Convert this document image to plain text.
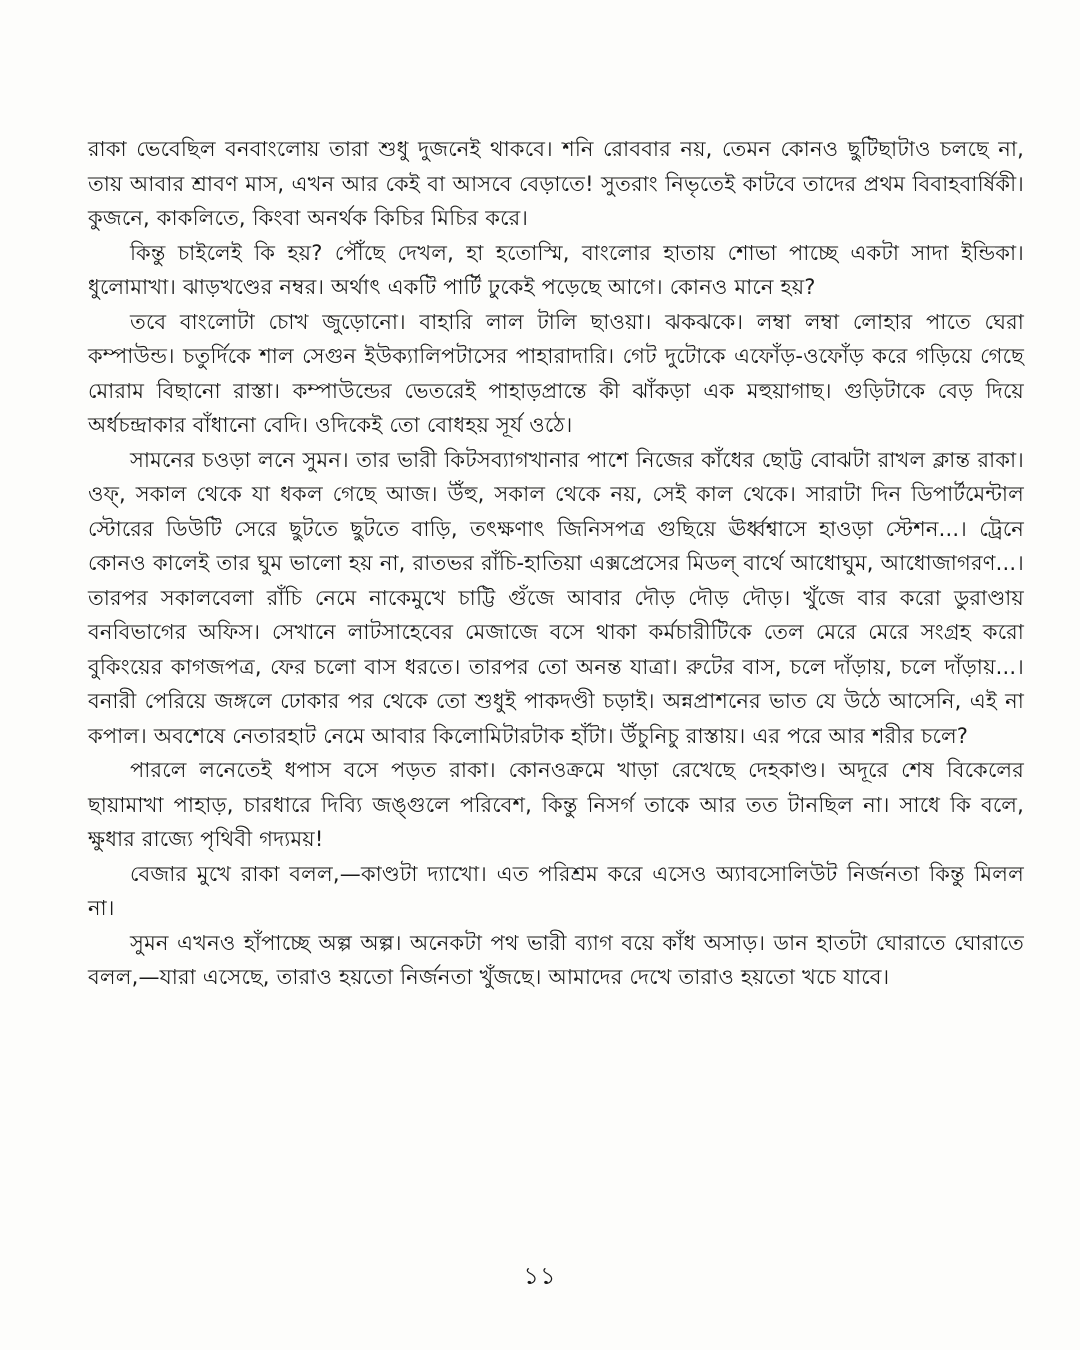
রাকা ভেবেছিল বনবাংলোয় তারা শুধু দুজনেই থাকবে। শনি রোববার নয়, তেমন কোনও ছুটিছাটাও চলছে না, তায় আবার শ্রাবণ মাস, এখন আর কেই বা আসবে বেড়াতে! সুতরাং নিভৃতেই কাটবে তাদের প্রথম বিবাহবার্ষিকী। কুজনে, কাকলিতে, কিংবা অনর্থক কিচির মিচির করে।

কিন্তু চাইলেই কি হয়? পৌঁছে দেখল, হা হতোস্মি, বাংলোর হাতায় শোভা পাচ্ছে একটা সাদা ইন্ডিকা। ধুলোমাখা। ঝাড়খণ্ডের নম্বর। অর্থাৎ একটি পার্টি ঢুকেই পড়েছে আগে। কোনও মানে হয়?

তবে বাংলোটা চোখ জুড়োনো। বাহারি লাল টালি ছাওয়া। ঝকঝকে। লম্বা লম্বা লোহার পাতে ঘেরা কম্পাউন্ড। চতুর্দিকে শাল সেগুন ইউক্যালিপটাসের পাহারাদারি। গেট দুটোকে এফোঁড়-ওফোঁড় করে গড়িয়ে গেছে মোরাম বিছানো রাস্তা। কম্পাউন্ডের ভেতরেই পাহাড়প্রান্তে কী ঝাঁকড়া এক মহুয়াগাছ। গুড়িটাকে বেড় দিয়ে অর্ধচন্দ্রাকার বাঁধানো বেদি। ওদিকেই তো বোধহয় সূর্য ওঠে।

সামনের চওড়া লনে সুমন। তার ভারী কিটসব্যাগখানার পাশে নিজের কাঁধের ছোট্ট বোঝটা রাখল ক্লান্ত রাকা। ওফ্, সকাল থেকে যা ধকল গেছে আজ। উঁহু, সকাল থেকে নয়, সেই কাল থেকে। সারাটা দিন ডিপার্টমেন্টাল স্টোরের ডিউটি সেরে ছুটতে ছুটতে বাড়ি, তৎক্ষণাৎ জিনিসপত্র গুছিয়ে ঊর্ধ্বশ্বাসে হাওড়া স্টেশন...। ট্রেনে কোনও কালেই তার ঘুম ভালো হয় না, রাতভর রাঁচি-হাতিয়া এক্সপ্রেসের মিডল্ বার্থে আধোঘুম, আধোজাগরণ...। তারপর সকালবেলা রাঁচি নেমে নাকেমুখে চাট্টি গুঁজে আবার দৌড় দৌড় দৌড়। খুঁজে বার করো ডুরাণ্ডায় বনবিভাগের অফিস। সেখানে লাটসাহেবের মেজাজে বসে থাকা কর্মচারীটিকে তেল মেরে মেরে সংগ্রহ করো বুকিংয়ের কাগজপত্র, ফের চলো বাস ধরতে। তারপর তো অনন্ত যাত্রা। রুটের বাস, চলে দাঁড়ায়, চলে দাঁড়ায়...। বনারী পেরিয়ে জঙ্গলে ঢোকার পর থেকে তো শুধুই পাকদণ্ডী চড়াই। অন্নপ্রাশনের ভাত যে উঠে আসেনি, এই না কপাল। অবশেষে নেতারহাট নেমে আবার কিলোমিটারটাক হাঁটা। উঁচুনিচু রাস্তায়। এর পরে আর শরীর চলে?

পারলে লনেতেই ধপাস বসে পড়ত রাকা। কোনওক্রমে খাড়া রেখেছে দেহকাণ্ড। অদূরে শেষ বিকেলের ছায়ামাখা পাহাড়, চারধারে দিব্যি জঙ্গুলে পরিবেশ, কিন্তু নিসর্গ তাকে আর তত টানছিল না। সাধে কি বলে, ক্ষুধার রাজ্যে পৃথিবী গদ্যময়!

বেজার মুখে রাকা বলল,—কাণ্ডটা দ্যাখো। এত পরিশ্রম করে এসেও অ্যাবসোলিউট নির্জনতা কিন্তু মিলল না।

সুমন এখনও হাঁপাচ্ছে অল্প অল্প। অনেকটা পথ ভারী ব্যাগ বয়ে কাঁধ অসাড়। ডান হাতটা ঘোরাতে ঘোরাতে বলল,—যারা এসেছে, তারাও হয়তো নির্জনতা খুঁজছে। আমাদের দেখে তারাও হয়তো খচে যাবে।

১১
